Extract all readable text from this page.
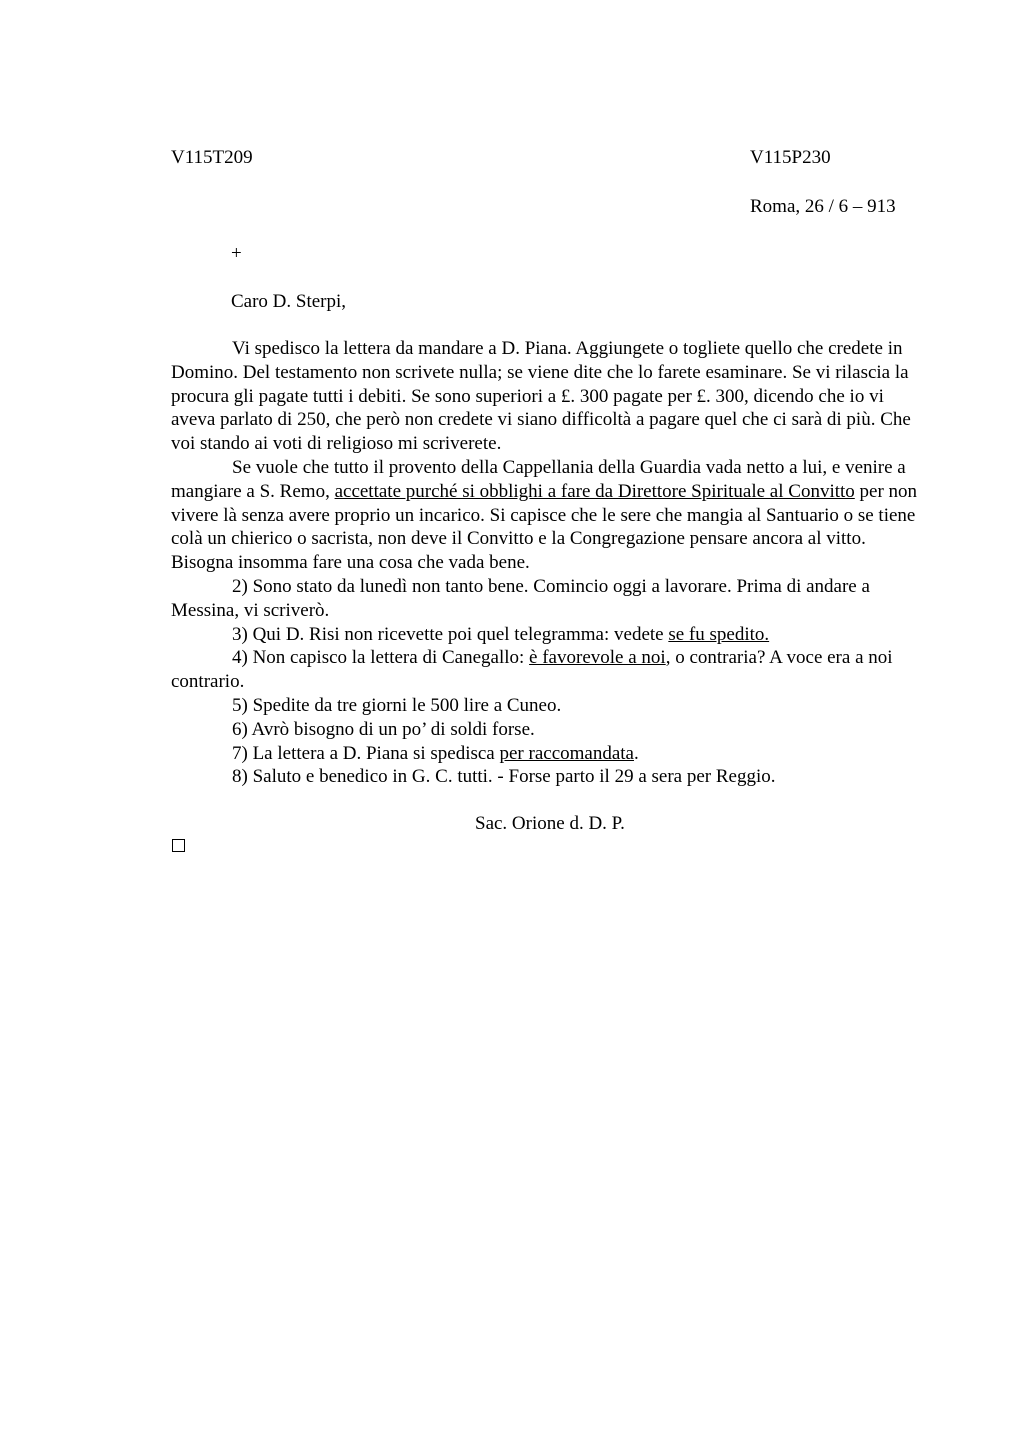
V115T209	V115P230
Roma, 26 / 6 – 913
+
Caro D. Sterpi,

Vi spedisco la lettera da mandare a D. Piana. Aggiungete o togliete quello che credete in Domino. Del testamento non scrivete nulla; se viene dite che lo farete esaminare. Se vi rilascia la procura gli pagate tutti i debiti. Se sono superiori a £. 300 pagate per £. 300, dicendo che io vi aveva parlato di 250, che però non credete vi siano difficoltà a pagare quel che ci sarà di più. Che voi stando ai voti di religioso mi scriverete.

Se vuole che tutto il provento della Cappellania della Guardia vada netto a lui, e venire a mangiare a S. Remo, accettate purché si obblighi a fare da Direttore Spirituale al Convitto per non vivere là senza avere proprio un incarico. Si capisce che le sere che mangia al Santuario o se tiene colà un chierico o sacrista, non deve il Convitto e la Congregazione pensare ancora al vitto. Bisogna insomma fare una cosa che vada bene.

2) Sono stato da lunedì non tanto bene. Comincio oggi a lavorare. Prima di andare a Messina, vi scriverò.

3) Qui D. Risi non ricevette poi quel telegramma: vedete se fu spedito.

4) Non capisco la lettera di Canegallo: è favorevole a noi, o contraria? A voce era a noi contrario.

5) Spedite da tre giorni le 500 lire a Cuneo.

6) Avrò bisogno di un po’ di soldi forse.

7) La lettera a D. Piana si spedisca per raccomandata.

8) Saluto e benedico in G. C. tutti. - Forse parto il 29 a sera per Reggio.

Sac. Orione d. D. P.
